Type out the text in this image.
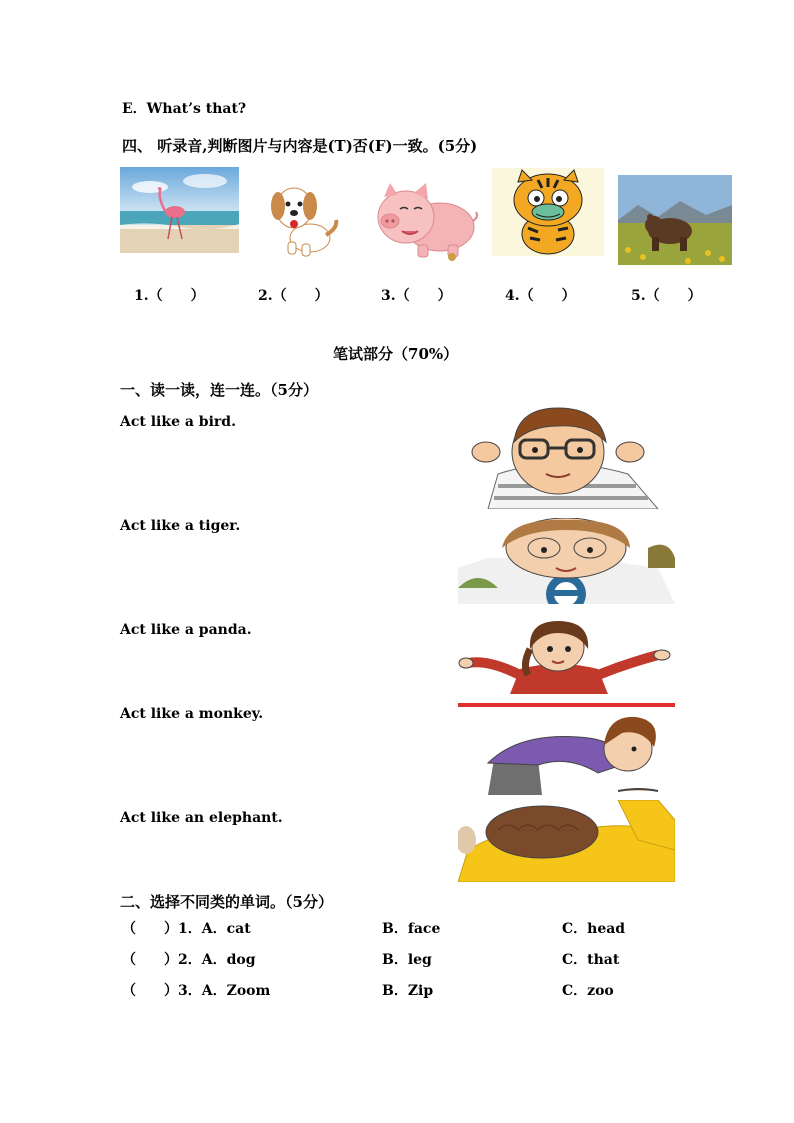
E．What’s that?
四、 听录音,判断图片与内容是(T)否(F)一致。(5分)
1.（　　）	2.（　　）	3.（　　）	4.（　　）	5.（　　）
笔试部分（70%）
一、读一读，连一连。（5分）
Act like a bird.
Act like a tiger.
Act like a panda.
Act like a monkey.
Act like an elephant.
二、选择不同类的单词。（5分）
（　　） 1．A．cat	B．face	C．head
（　　） 2．A．dog	B．leg	C．that
（　　） 3．A．Zoom	B．Zip	C．zoo
